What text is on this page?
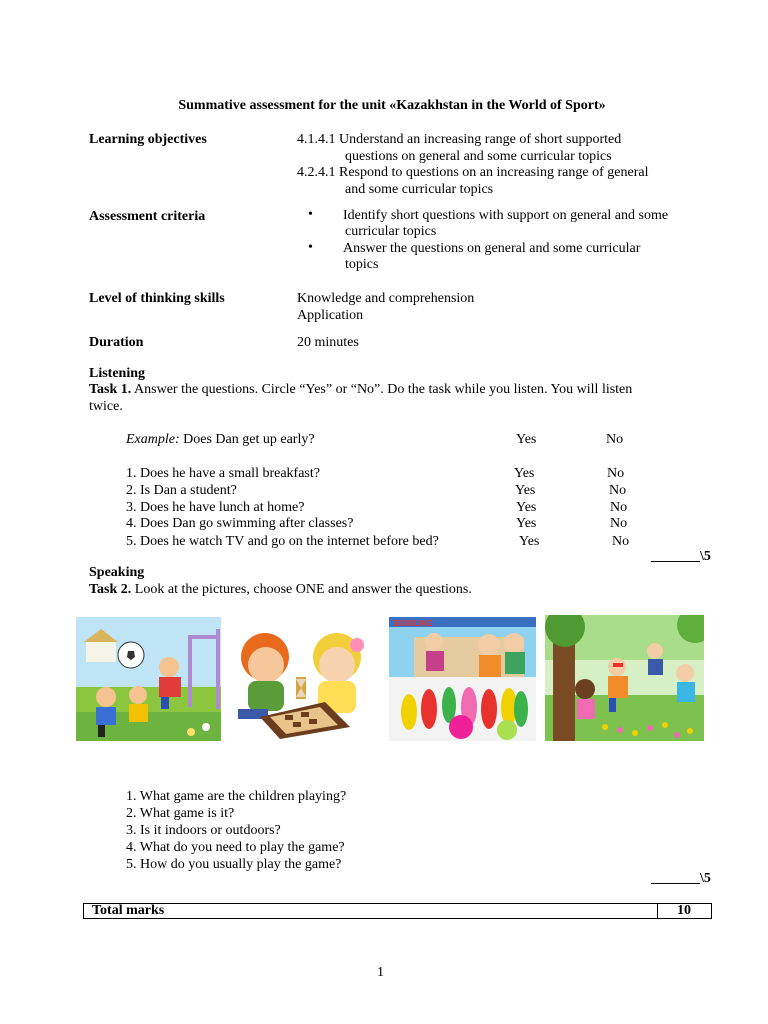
Summative assessment for the unit «Kazakhstan in the World of Sport»
Learning objectives	4.1.4.1 Understand an increasing range of short supported
questions on general and some curricular topics
4.2.4.1 Respond to questions on an increasing range of general
and some curricular topics
Assessment criteria	• Identify short questions with support on general and some
curricular topics
• Answer the questions on general and some curricular
topics
Level of thinking skills	Knowledge and comprehension
Application
Duration	20 minutes
Listening
Task 1. Answer the questions. Circle “Yes” or “No”. Do the task while you listen. You will listen
twice.
Example: Does Dan get up early?	Yes	No
1. Does he have a small breakfast?	Yes	No
2. Is Dan a student?	Yes	No
3. Does he have lunch at home?	Yes	No
4. Does Dan go swimming after classes?	Yes	No
5. Does he watch TV and go on the internet before bed?	Yes	No
_______\5
Speaking
Task 2. Look at the pictures, choose ONE and answer the questions.
BOWLING
1. What game are the children playing?
2. What game is it?
3. Is it indoors or outdoors?
4. What do you need to play the game?
5. How do you usually play the game?
_______\5
Total marks	10
1
